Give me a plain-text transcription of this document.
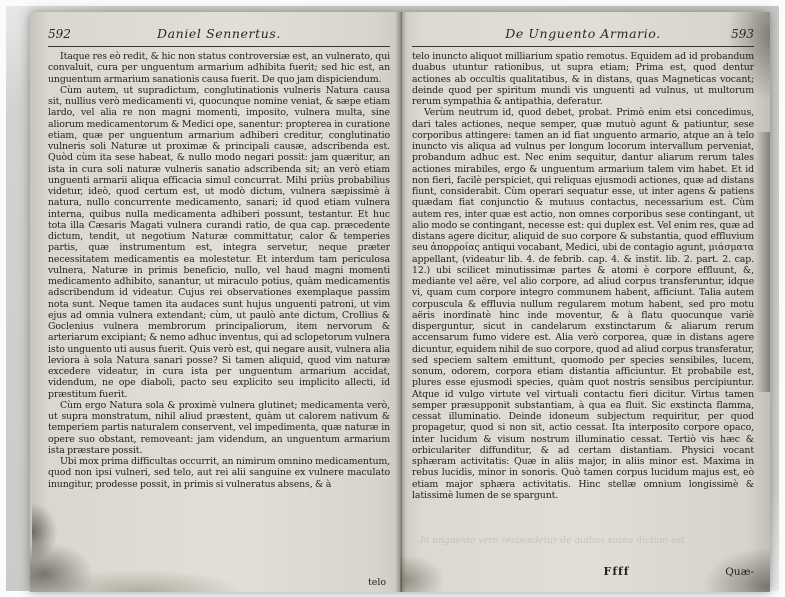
592	Daniel Sennertus.

Itaque res eò redit, & hic non status controversiæ est, an vulnerato, qui convaluit, cura per unguentum armarium adhibita fuerit; sed hic est, an unguentum armarium sanationis causa fuerit. De quo jam dispiciendum.

Cùm autem, ut supradictum, conglutinationis vulneris Natura causa sit, nullius verò medicamenti vi, quocunque nomine veniat, & sæpe etiam lardo, vel alia re non magni momenti, imposito, vulnera multa, sine aliorum medicamentorum & Medici ope, sanentur: propterea in curatione etiam, quæ per unguentum armarium adhiberi creditur, conglutinatio vulneris soli Naturæ ut proximæ & principali causæ, adscribenda est. Quòd cùm ita sese habeat, & nullo modo negari possit: jam quæritur, an ista in cura soli naturæ vulneris sanatio adscribenda sit; an verò etiam unguenti armarii aliqua efficacia simul concurrat. Mihi priùs probabilius videtur, ideò, quod certum est, ut modò dictum, vulnera sæpissimè à natura, nullo concurrente medicamento, sanari; id quod etiam vulnera interna, quibus nulla medicamenta adhiberi possunt, testantur. Et huc tota illa Cæsaris Magati vulnera curandi ratio, de qua cap. præcedente dictum, tendit, ut negotium Naturæ committatur, calor & temperies partis, quæ instrumentum est, integra servetur, neque præter necessitatem medicamentis ea molestetur. Et interdum tam periculosa vulnera, Naturæ in primis beneficio, nullo, vel haud magni momenti medicamento adhibito, sanantur, ut miraculo potius, quàm medicamentis adscribendum id videatur. Cujus rei observationes exemplaque passim nota sunt. Neque tamen ita audaces sunt hujus unguenti patroni, ut vim ejus ad omnia vulnera extendant; cùm, ut paulò ante dictum, Crollius & Goclenius vulnera membrorum principaliorum, item nervorum & arteriarum excipiant; & nemo adhuc inventus, qui ad sclopetorum vulnera isto unguento uti ausus fuerit. Quis verò est, qui negare ausit, vulnera alia leviora à sola Natura sanari posse? Si tamen aliquid, quod vim naturæ excedere videatur, in cura ista per unguentum armarium accidat, videndum, ne ope diaboli, pacto seu explicito seu implicito allecti, id præstitum fuerit.

Cùm ergo Natura sola & proximè vulnera glutinet; medicamenta verò, ut supra monstratum, nihil aliud præstent, quàm ut calorem nativum & temperiem partis naturalem conservent, vel impedimenta, quæ naturæ in opere suo obstant, removeant: jam videndum, an unguentum armarium ista præstare possit.

Ubi mox prima difficultas occurrit, an nimirum omnino medicamentum, quod non ipsi vulneri, sed telo, aut rei alii sanguine ex vulnere maculato inungitur, prodesse possit, in primis si vulneratus absens, & à

telo
De Unguento Armario.	593

telo inuncto aliquot milliarium spatio remotus. Equidem ad id probandum duabus utuntur rationibus, ut supra etiam; Prima est, quod dentur actiones ab occultis qualitatibus, & in distans, quas Magneticas vocant; deinde quod per spiritum mundi vis unguenti ad vulnus, ut multorum rerum sympathia & antipathia, deferatur.

Verùm neutrum id, quod debet, probat. Primò enim etsi concedimus, dari tales actiones, neque semper, quæ mutuò agunt & patiuntur, sese corporibus attingere: tamen an id fiat unguento armario, atque an à telo inuncto vis aliqua ad vulnus per longum locorum intervallum perveniat, probandum adhuc est. Nec enim sequitur, dantur aliarum rerum tales actiones mirabiles, ergo & unguentum armarium talem vim habet. Et id non fieri, facilè perspiciet, qui reliquas ejusmodi actiones, quæ ad distans fiunt, considerabit. Cùm operari sequatur esse, ut inter agens & patiens quædam fiat conjunctio & mutuus contactus, necessarium est. Cùm autem res, inter quæ est actio, non omnes corporibus sese contingant, ut alio modo se contingant, necesse est: qui duplex est. Vel enim res, quæ ad distans agere dicitur, aliquid de suo corpore & substantia, quod effluvium seu ἀπορροίας antiqui vocabant, Medici, ubi de contagio agunt, μιάσματα appellant, (videatur lib. 4. de febrib. cap. 4. & instit. lib. 2. part. 2. cap. 12.) ubi scilicet minutissimæ partes & atomi è corpore effluunt, &, mediante vel aëre, vel alio corpore, ad aliud corpus transferuntur, idque vi, quam cum corpore integro communem habent, afficiunt. Talia autem corpuscula & effluvia nullum regularem motum habent, sed pro motu aëris inordinatè hinc inde moventur, & à flatu quocunque variè disperguntur, sicut in candelarum exstinctarum & aliarum rerum accensarum fumo videre est. Alia verò corporea, quæ in distans agere dicuntur, equidem nihil de suo corpore, quod ad aliud corpus transferatur, sed speciem saltem emittunt, quomodo per species sensibiles, lucem, sonum, odorem, corpora etiam distantia afficiuntur. Et probabile est, plures esse ejusmodi species, quàm quot nostris sensibus percipiuntur. Atque id vulgo virtute vel virtuali contactu fieri dicitur. Virtus tamen semper præsupponit substantiam, à qua ea fluit. Sic exstincta flamma, cessat illuminatio. Deinde idoneum subjectum requiritur, per quod propagetur, quod si non sit, actio cessat. Ita interposito corpore opaco, inter lucidum & visum nostrum illuminatio cessat. Tertiò vis hæc & orbiculariter diffunditur, & ad certam distantiam. Physici vocant sphæram activitatis: Quæ in aliis major, in aliis minor est. Maxima in rebus lucidis, minor in sonoris. Quò tamen corpus lucidum majus est, eò etiam major sphæra activitatis. Hinc stellæ omnium longissimè & latissimè lumen de se spargunt.

Ffff	Quæ-
In unguento vero respondetur de quibus supra dictum est
